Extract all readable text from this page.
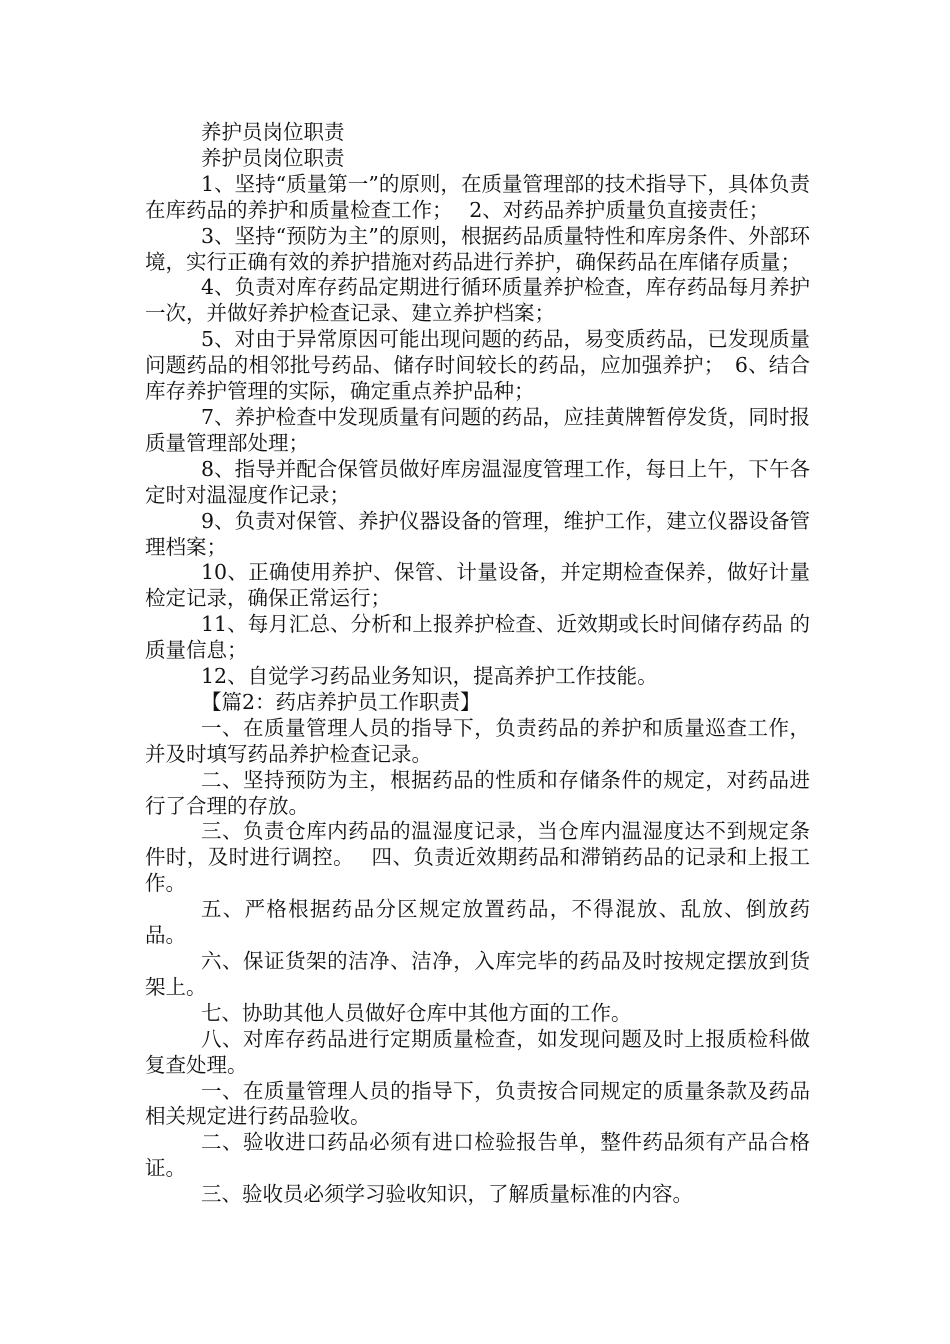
养护员岗位职责

养护员岗位职责

1、坚持“质量第一”的原则，在质量管理部的技术指导下，具体负责在库药品的养护和质量检查工作；　 2、对药品养护质量负直接责任；

3、坚持“预防为主”的原则，根据药品质量特性和库房条件、外部环境，实行正确有效的养护措施对药品进行养护，确保药品在库储存质量；

4、负责对库存药品定期进行循环质量养护检查，库存药品每月养护一次，并做好养护检查记录、建立养护档案；

5、对由于异常原因可能出现问题的药品，易变质药品，已发现质量问题药品的相邻批号药品、储存时间较长的药品，应加强养护；　6、结合库存养护管理的实际，确定重点养护品种；

7、养护检查中发现质量有问题的药品，应挂黄牌暂停发货，同时报质量管理部处理；

8、指导并配合保管员做好库房温湿度管理工作，每日上午，下午各定时对温湿度作记录；

9、负责对保管、养护仪器设备的管理，维护工作，建立仪器设备管理档案；

10、正确使用养护、保管、计量设备，并定期检查保养，做好计量检定记录，确保正常运行；

11、每月汇总、分析和上报养护检查、近效期或长时间储存药品 的质量信息；

12、自觉学习药品业务知识，提高养护工作技能。

【篇2：药店养护员工作职责】

一、在质量管理人员的指导下，负责药品的养护和质量巡查工作，并及时填写药品养护检查记录。

二、坚持预防为主，根据药品的性质和存储条件的规定，对药品进行了合理的存放。

三、负责仓库内药品的温湿度记录，当仓库内温湿度达不到规定条件时，及时进行调控。　 四、负责近效期药品和滞销药品的记录和上报工作。

五、严格根据药品分区规定放置药品，不得混放、乱放、倒放药品。

六、保证货架的洁净、洁净，入库完毕的药品及时按规定摆放到货架上。

七、协助其他人员做好仓库中其他方面的工作。

八、对库存药品进行定期质量检查，如发现问题及时上报质检科做复查处理。

一、在质量管理人员的指导下，负责按合同规定的质量条款及药品相关规定进行药品验收。

二、验收进口药品必须有进口检验报告单，整件药品须有产品合格证。

三、验收员必须学习验收知识，了解质量标准的内容。
